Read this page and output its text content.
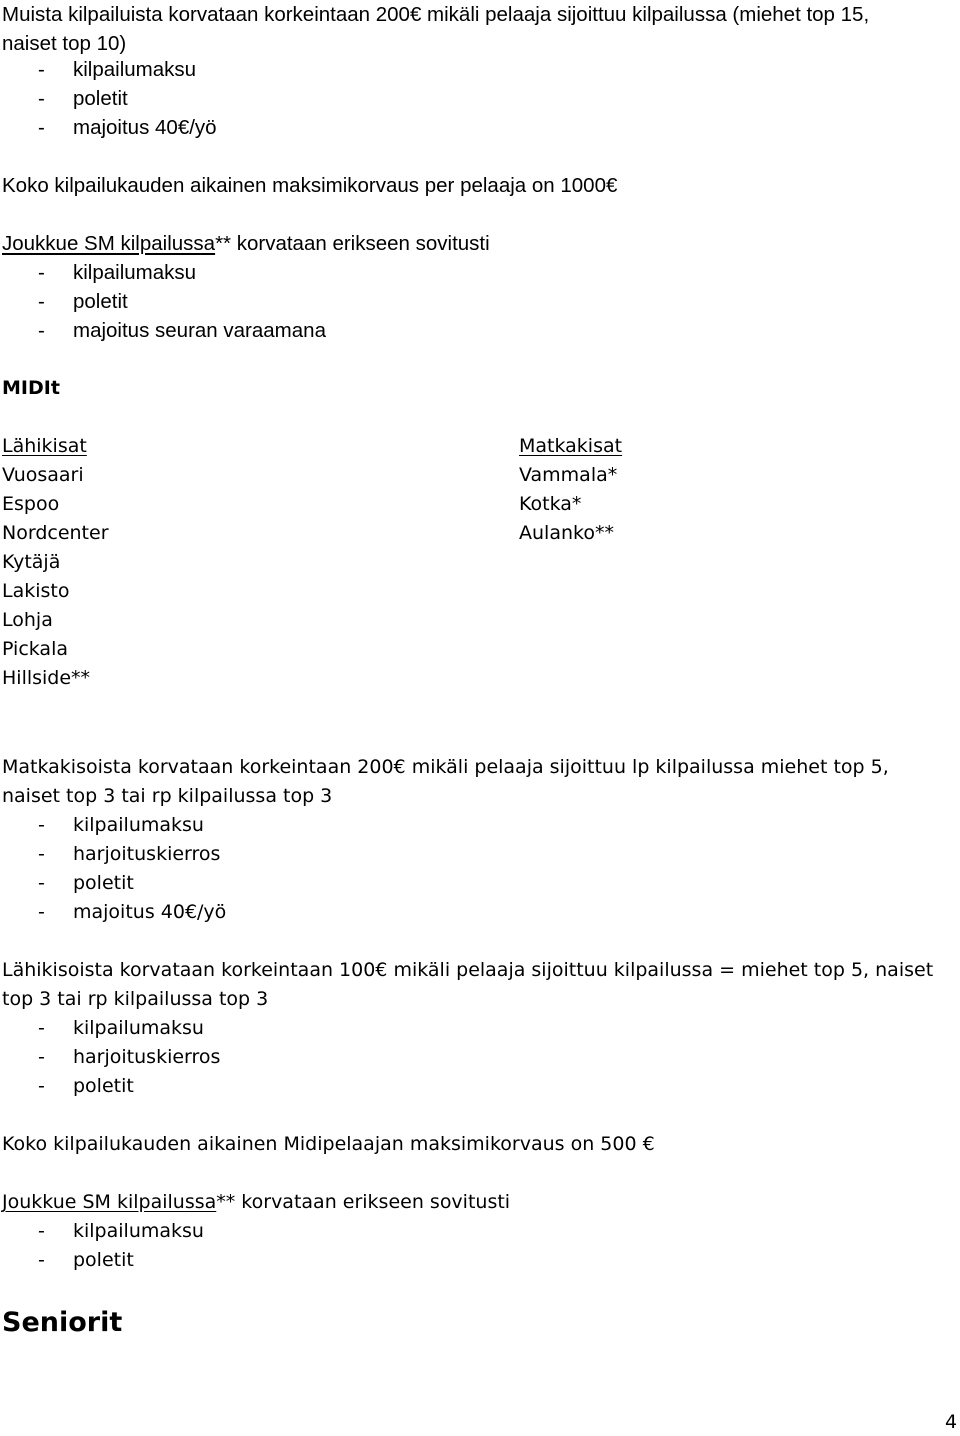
Muista kilpailuista korvataan korkeintaan 200€ mikäli pelaaja sijoittuu kilpailussa (miehet top 15,
naiset top 10)
- kilpailumaksu
- poletit
- majoitus 40€/yö
Koko kilpailukauden aikainen maksimikorvaus per pelaaja on 1000€
Joukkue SM kilpailussa** korvataan erikseen sovitusti
- kilpailumaksu
- poletit
- majoitus seuran varaamana
MIDIt
Lähikisat
Vuosaari
Espoo
Nordcenter
Kytäjä
Lakisto
Lohja
Pickala
Hillside**
Matkakisat
Vammala*
Kotka*
Aulanko**
Matkakisoista korvataan korkeintaan 200€ mikäli pelaaja sijoittuu lp kilpailussa miehet top 5,
naiset top 3 tai rp kilpailussa top 3
- kilpailumaksu
- harjoituskierros
- poletit
- majoitus 40€/yö
Lähikisoista korvataan korkeintaan 100€ mikäli pelaaja sijoittuu kilpailussa = miehet top 5, naiset
top 3 tai rp kilpailussa top 3
- kilpailumaksu
- harjoituskierros
- poletit
Koko kilpailukauden aikainen Midipelaajan maksimikorvaus on 500 €
Joukkue SM kilpailussa** korvataan erikseen sovitusti
- kilpailumaksu
- poletit
Seniorit
4
